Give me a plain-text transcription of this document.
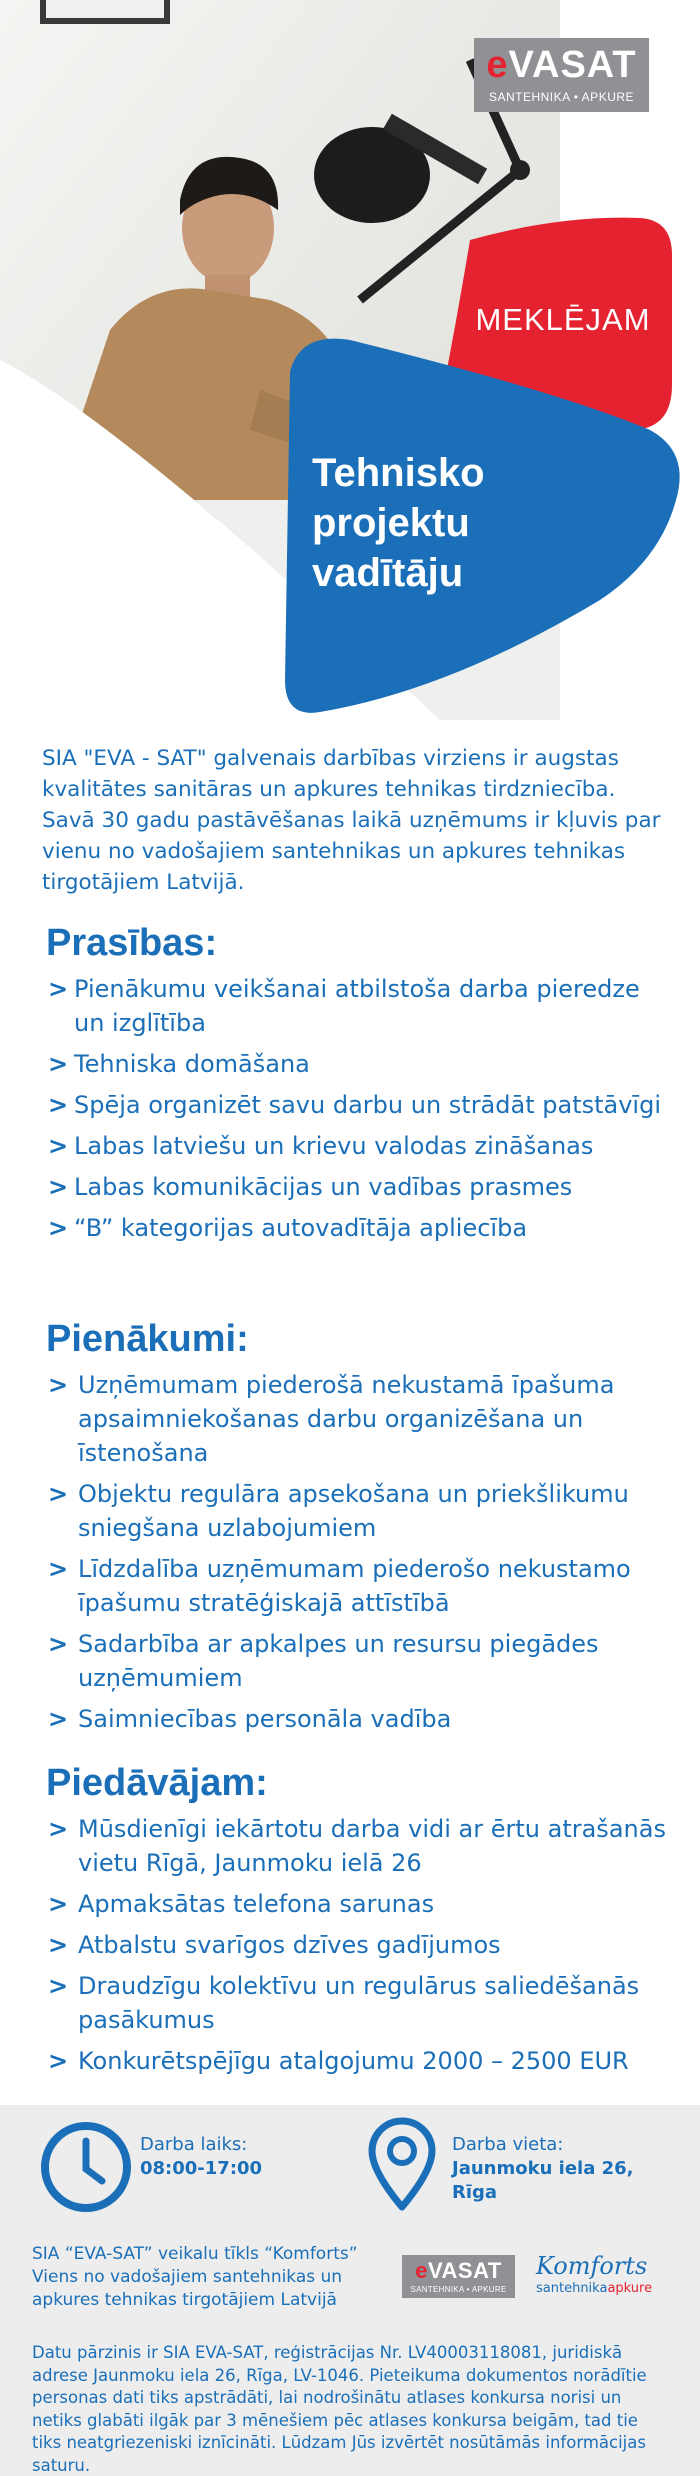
eVASAT
SANTEHNIKA • APKURE
MEKLĒJAM
Tehnisko
projektu
vadītāju

SIA "EVA - SAT" galvenais darbības virziens ir augstas kvalitātes sanitāras un apkures tehnikas tirdzniecība. Savā 30 gadu pastāvēšanas laikā uzņēmums ir kļuvis par vienu no vadošajiem santehnikas un apkures tehnikas tirgotājiem Latvijā.

Prasības:
> Pienākumu veikšanai atbilstoša darba pieredze un izglītība
> Tehniska domāšana
> Spēja organizēt savu darbu un strādāt patstāvīgi
> Labas latviešu un krievu valodas zināšanas
> Labas komunikācijas un vadības prasmes
> “B” kategorijas autovadītāja apliecība
Pienākumi:
> Uzņēmumam piederošā nekustamā īpašuma apsaimniekošanas darbu organizēšana un īstenošana
> Objektu regulāra apsekošana un priekšlikumu sniegšana uzlabojumiem
> Līdzdalība uzņēmumam piederošo nekustamo īpašumu stratēģiskajā attīstībā
> Sadarbība ar apkalpes un resursu piegādes uzņēmumiem
> Saimniecības personāla vadība
Piedāvājam:
> Mūsdienīgi iekārtotu darba vidi ar ērtu atrašanās vietu Rīgā, Jaunmoku ielā 26
> Apmaksātas telefona sarunas
> Atbalstu svarīgos dzīves gadījumos
> Draudzīgu kolektīvu un regulārus saliedēšanās pasākumus
> Konkurētspējīgu atalgojumu 2000 – 2500 EUR
Darba laiks:
08:00-17:00
Darba vieta:
Jaunmoku iela 26,
Rīga
SIA “EVA-SAT” veikalu tīkls “Komforts”
Viens no vadošajiem santehnikas un
apkures tehnikas tirgotājiem Latvijā
eVASAT
SANTEHNIKA • APKURE
Komforts
santehnikaapkure

Datu pārzinis ir SIA EVA-SAT, reģistrācijas Nr. LV40003118081, juridiskā adrese Jaunmoku iela 26, Rīga, LV-1046. Pieteikuma dokumentos norādītie personas dati tiks apstrādāti, lai nodrošinātu atlases konkursa norisi un netiks glabāti ilgāk par 3 mēnešiem pēc atlases konkursa beigām, tad tie tiks neatgriezeniski iznīcināti. Lūdzam Jūs izvērtēt nosūtāmās informācijas saturu.
